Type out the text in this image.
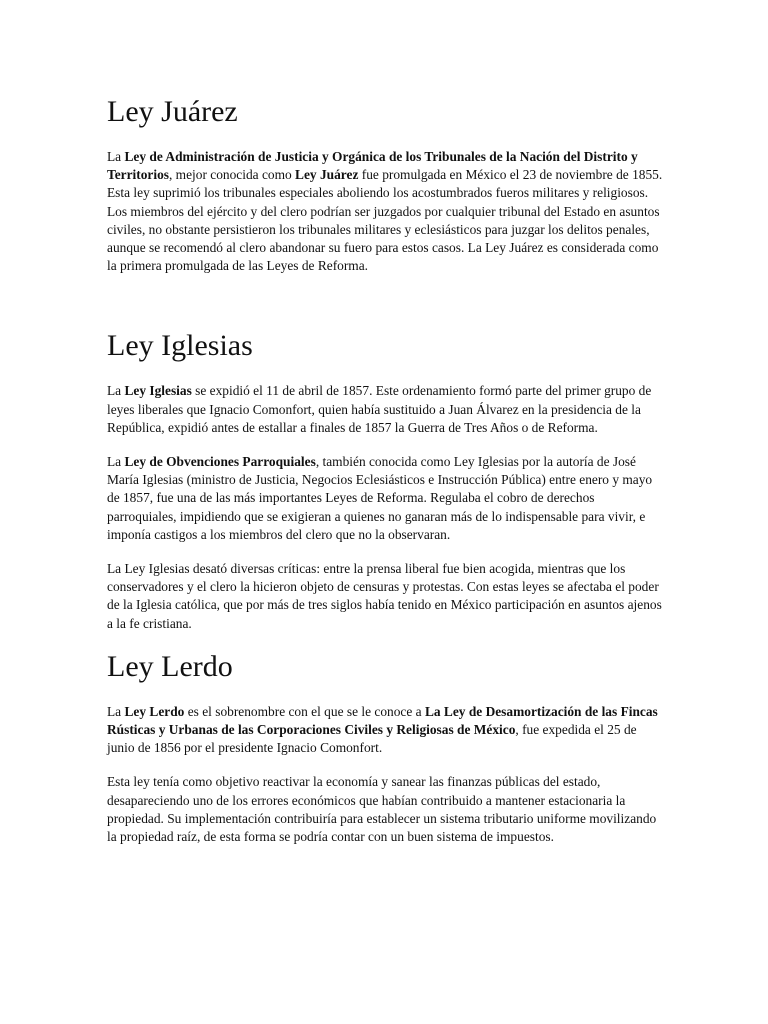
Ley Juárez

La Ley de Administración de Justicia y Orgánica de los Tribunales de la Nación del Distrito y Territorios, mejor conocida como Ley Juárez fue promulgada en México el 23 de noviembre de 1855. Esta ley suprimió los tribunales especiales aboliendo los acostumbrados fueros militares y religiosos. Los miembros del ejército y del clero podrían ser juzgados por cualquier tribunal del Estado en asuntos civiles, no obstante persistieron los tribunales militares y eclesiásticos para juzgar los delitos penales, aunque se recomendó al clero abandonar su fuero para estos casos. La Ley Juárez es considerada como la primera promulgada de las Leyes de Reforma.

Ley Iglesias

La Ley Iglesias se expidió el 11 de abril de 1857. Este ordenamiento formó parte del primer grupo de leyes liberales que Ignacio Comonfort, quien había sustituido a Juan Álvarez en la presidencia de la República, expidió antes de estallar a finales de 1857 la Guerra de Tres Años o de Reforma.

La Ley de Obvenciones Parroquiales, también conocida como Ley Iglesias por la autoría de José María Iglesias (ministro de Justicia, Negocios Eclesiásticos e Instrucción Pública) entre enero y mayo de 1857, fue una de las más importantes Leyes de Reforma. Regulaba el cobro de derechos parroquiales, impidiendo que se exigieran a quienes no ganaran más de lo indispensable para vivir, e imponía castigos a los miembros del clero que no la observaran.

La Ley Iglesias desató diversas críticas: entre la prensa liberal fue bien acogida, mientras que los conservadores y el clero la hicieron objeto de censuras y protestas. Con estas leyes se afectaba el poder de la Iglesia católica, que por más de tres siglos había tenido en México participación en asuntos ajenos a la fe cristiana.

Ley Lerdo

La Ley Lerdo es el sobrenombre con el que se le conoce a La Ley de Desamortización de las Fincas Rústicas y Urbanas de las Corporaciones Civiles y Religiosas de México, fue expedida el 25 de junio de 1856 por el presidente Ignacio Comonfort.

Esta ley tenía como objetivo reactivar la economía y sanear las finanzas públicas del estado, desapareciendo uno de los errores económicos que habían contribuido a mantener estacionaria la propiedad. Su implementación contribuiría para establecer un sistema tributario uniforme movilizando la propiedad raíz, de esta forma se podría contar con un buen sistema de impuestos.
